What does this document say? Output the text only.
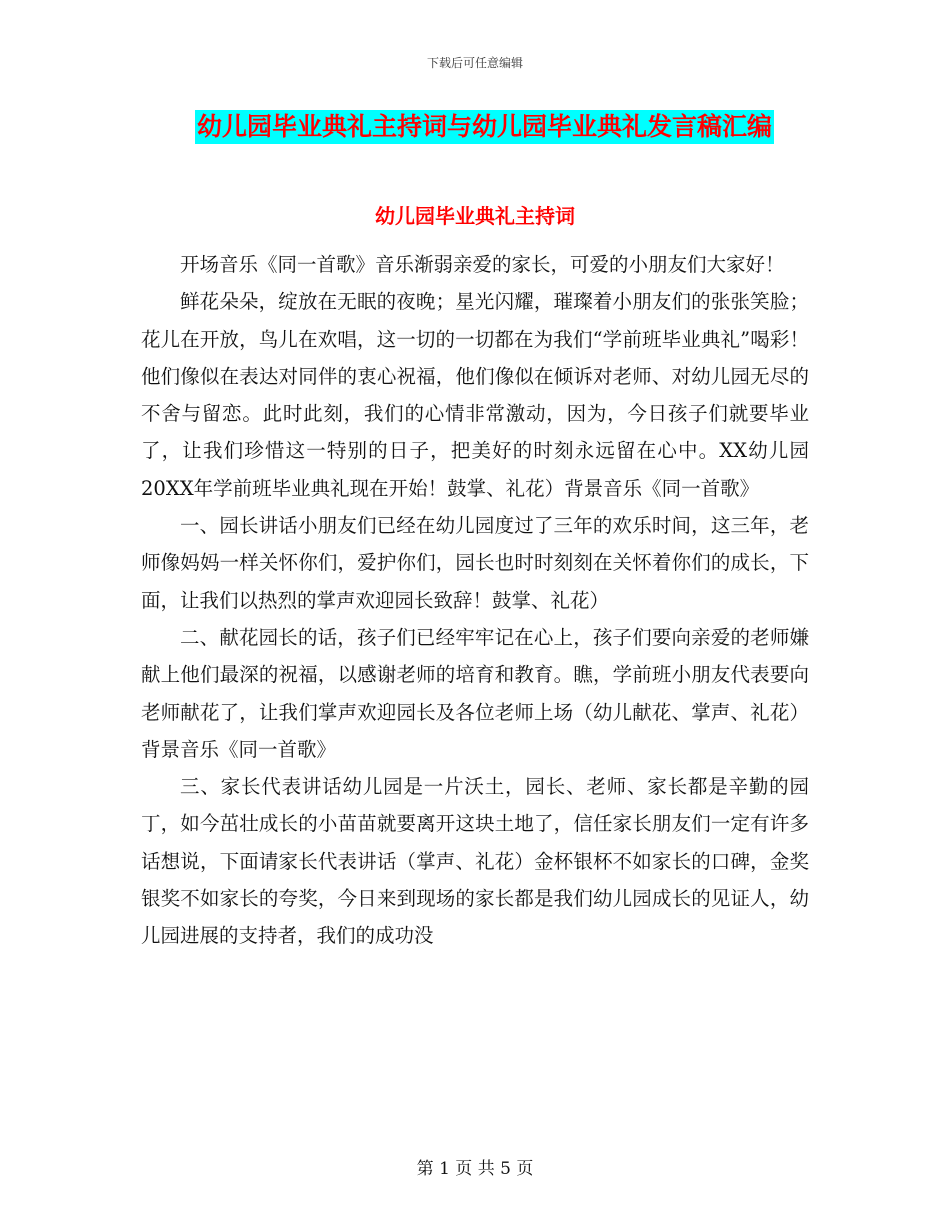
下载后可任意编辑
幼儿园毕业典礼主持词与幼儿园毕业典礼发言稿汇编
幼儿园毕业典礼主持词

开场音乐《同一首歌》音乐渐弱亲爱的家长，可爱的小朋友们大家好！

鲜花朵朵，绽放在无眠的夜晚；星光闪耀，璀璨着小朋友们的张张笑脸；花儿在开放，鸟儿在欢唱，这一切的一切都在为我们“学前班毕业典礼”喝彩！他们像似在表达对同伴的衷心祝福，他们像似在倾诉对老师、对幼儿园无尽的不舍与留恋。此时此刻，我们的心情非常激动，因为，今日孩子们就要毕业了，让我们珍惜这一特别的日子，把美好的时刻永远留在心中。XX幼儿园20XX年学前班毕业典礼现在开始！鼓掌、礼花）背景音乐《同一首歌》

一、园长讲话小朋友们已经在幼儿园度过了三年的欢乐时间，这三年，老师像妈妈一样关怀你们，爱护你们，园长也时时刻刻在关怀着你们的成长，下面，让我们以热烈的掌声欢迎园长致辞！鼓掌、礼花）

二、献花园长的话，孩子们已经牢牢记在心上，孩子们要向亲爱的老师嫌献上他们最深的祝福，以感谢老师的培育和教育。瞧，学前班小朋友代表要向老师献花了，让我们掌声欢迎园长及各位老师上场（幼儿献花、掌声、礼花）背景音乐《同一首歌》

三、家长代表讲话幼儿园是一片沃土，园长、老师、家长都是辛勤的园丁，如今茁壮成长的小苗苗就要离开这块土地了，信任家长朋友们一定有许多话想说，下面请家长代表讲话（掌声、礼花）金杯银杯不如家长的口碑，金奖银奖不如家长的夸奖，今日来到现场的家长都是我们幼儿园成长的见证人，幼儿园进展的支持者，我们的成功没

第 1 页 共 5 页
